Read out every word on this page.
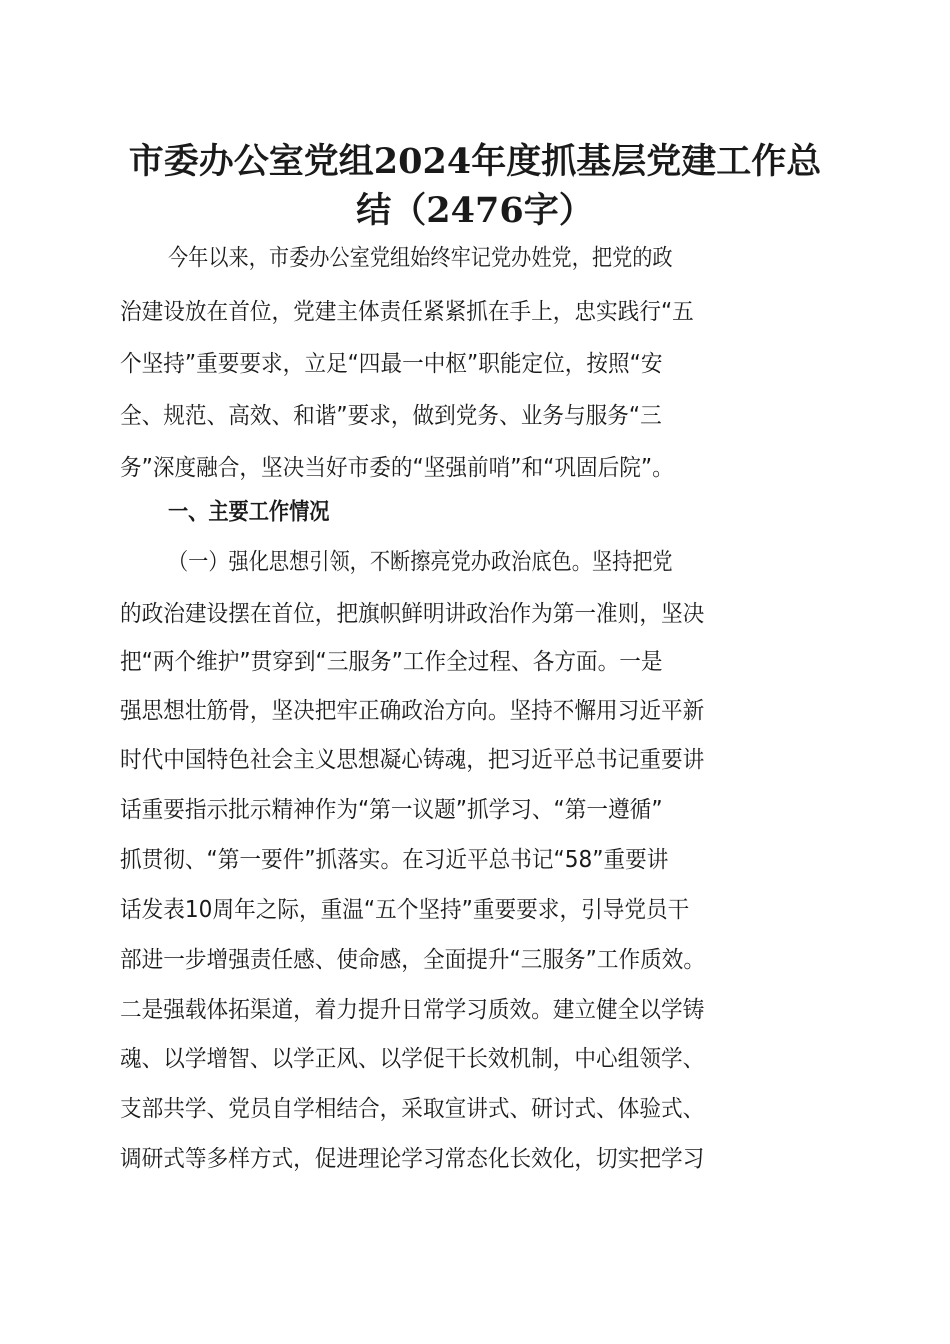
市委办公室党组2024年度抓基层党建工作总
结（2476字）

今年以来，市委办公室党组始终牢记党办姓党，把党的政

治建设放在首位，党建主体责任紧紧抓在手上，忠实践行“五

个坚持”重要要求，立足“四最一中枢”职能定位，按照“安

全、规范、高效、和谐”要求，做到党务、业务与服务“三

务”深度融合，坚决当好市委的“坚强前哨”和“巩固后院”。

一、主要工作情况

（一）强化思想引领，不断擦亮党办政治底色。坚持把党

的政治建设摆在首位，把旗帜鲜明讲政治作为第一准则，坚决

把“两个维护”贯穿到“三服务”工作全过程、各方面。一是

强思想壮筋骨，坚决把牢正确政治方向。坚持不懈用习近平新

时代中国特色社会主义思想凝心铸魂，把习近平总书记重要讲

话重要指示批示精神作为“第一议题”抓学习、“第一遵循”

抓贯彻、“第一要件”抓落实。在习近平总书记“58”重要讲

话发表10周年之际，重温“五个坚持”重要要求，引导党员干

部进一步增强责任感、使命感，全面提升“三服务”工作质效。

二是强载体拓渠道，着力提升日常学习质效。建立健全以学铸

魂、以学增智、以学正风、以学促干长效机制，中心组领学、

支部共学、党员自学相结合，采取宣讲式、研讨式、体验式、

调研式等多样方式，促进理论学习常态化长效化，切实把学习
